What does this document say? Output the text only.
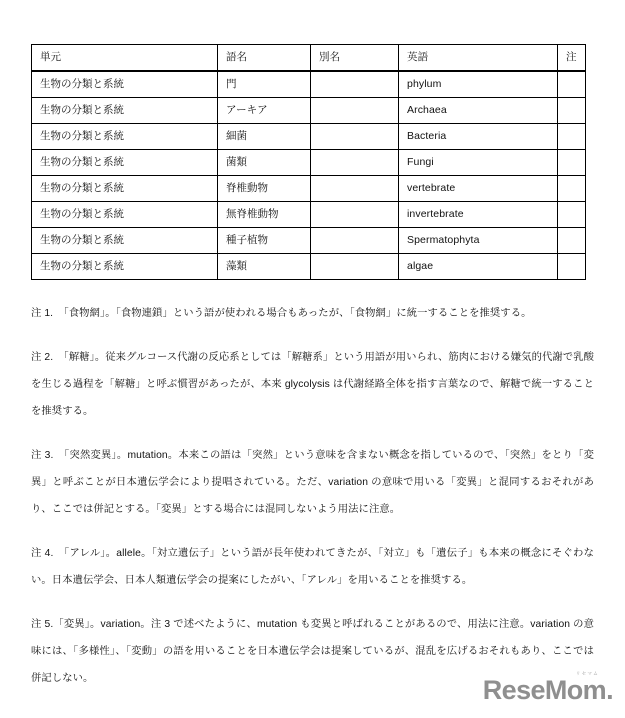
単元	語名	別名	英語	注
生物の分類と系統	門		phylum	
生物の分類と系統	アーキア		Archaea	
生物の分類と系統	細菌		Bacteria	
生物の分類と系統	菌類		Fungi	
生物の分類と系統	脊椎動物		vertebrate	
生物の分類と系統	無脊椎動物		invertebrate	
生物の分類と系統	種子植物		Spermatophyta	
生物の分類と系統	藻類		algae	

注 1.　「食物網」。「食物連鎖」という語が使われる場合もあったが、「食物網」に統一することを推奨する。

注 2.　「解糖」。従来グルコース代謝の反応系としては「解糖系」という用語が用いられ、筋肉における嫌気的代謝で乳酸を生じる過程を「解糖」と呼ぶ慣習があったが、本来 glycolysis は代謝経路全体を指す言葉なので、解糖で統一することを推奨する。

注 3.　「突然変異」。mutation。本来この語は「突然」という意味を含まない概念を指しているので、「突然」をとり「変異」と呼ぶことが日本遺伝学会により提唱されている。ただ、variation の意味で用いる「変異」と混同するおそれがあり、ここでは併記とする。「変異」とする場合には混同しないよう用法に注意。

注 4.　「アレル」。allele。「対立遺伝子」という語が長年使われてきたが、「対立」も「遺伝子」も本来の概念にそぐわない。日本遺伝学会、日本人類遺伝学会の提案にしたがい、「アレル」を用いることを推奨する。

注 5.「変異」。variation。注 3 で述べたように、mutation も変異と呼ばれることがあるので、用法に注意。variation の意味には、「多様性」、「変動」の語を用いることを日本遺伝学会は提案しているが、混乱を広げるおそれもあり、ここでは併記しない。	リセマム
ReseMom.
